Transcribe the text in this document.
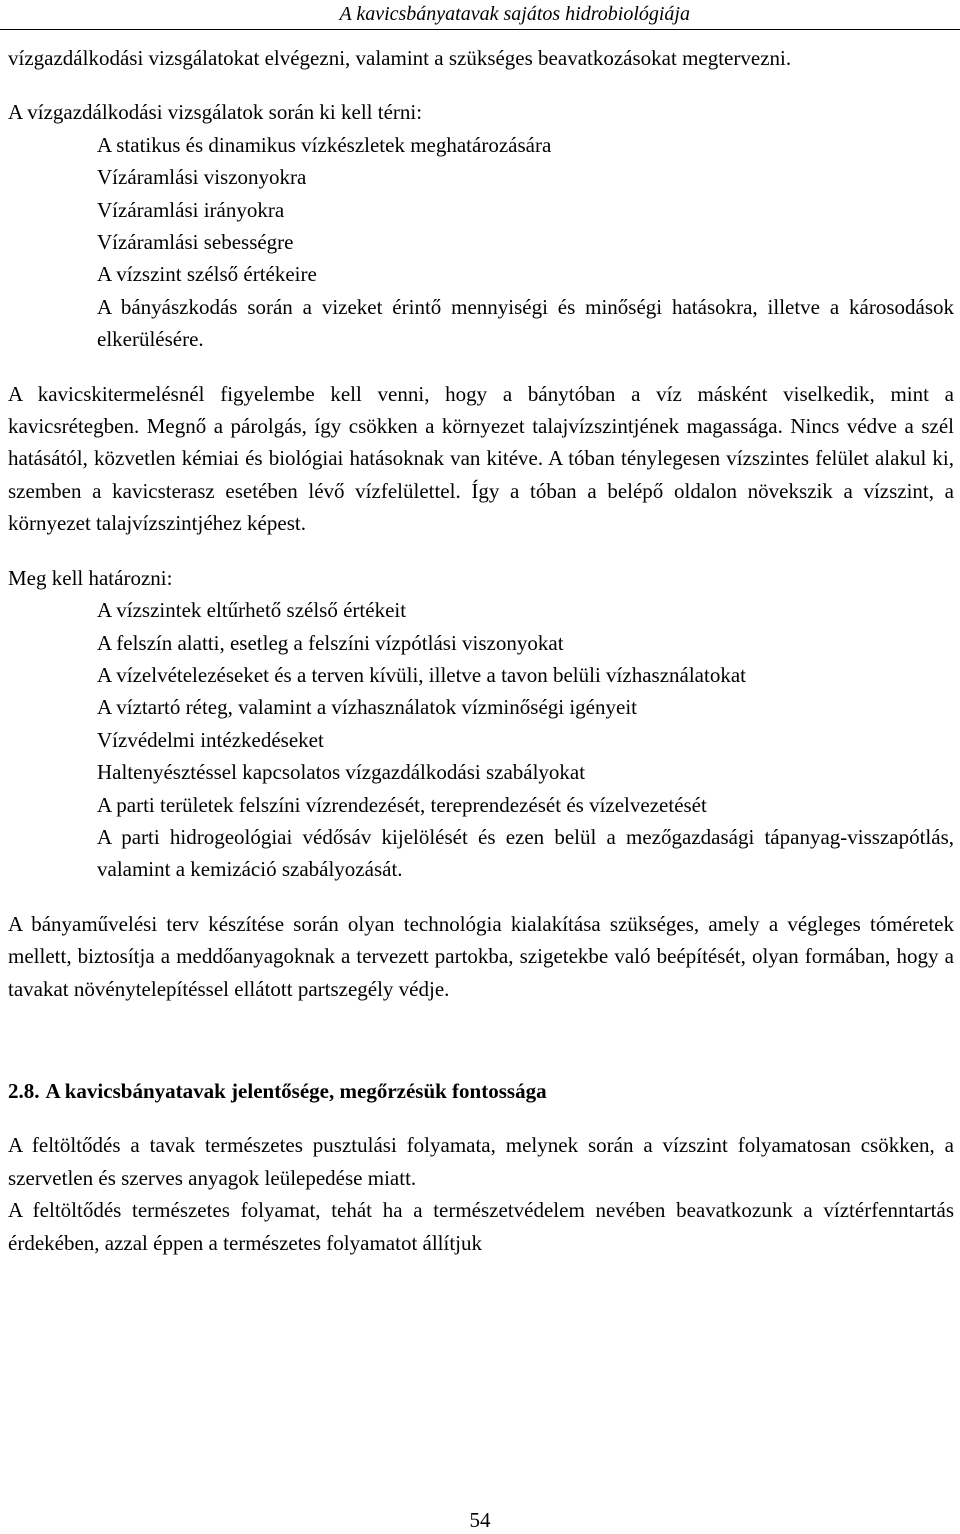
A kavicsbányatavak sajátos hidrobiológiája

vízgazdálkodási vizsgálatokat elvégezni, valamint a szükséges beavatkozásokat megtervezni.

A vízgazdálkodási vizsgálatok során ki kell térni:

A statikus és dinamikus vízkészletek meghatározására

Vízáramlási viszonyokra

Vízáramlási irányokra

Vízáramlási sebességre

A vízszint szélső értékeire

A bányászkodás során a vizeket érintő mennyiségi és minőségi hatásokra, illetve a károsodások elkerülésére.

A kavicskitermelésnél figyelembe kell venni, hogy a bánytóban a víz másként viselkedik, mint a kavicsrétegben. Megnő a párolgás, így csökken a környezet talajvízszintjének magassága. Nincs védve a szél hatásától, közvetlen kémiai és biológiai hatásoknak van kitéve. A tóban ténylegesen vízszintes felület alakul ki, szemben a kavicsterasz esetében lévő vízfelülettel. Így a tóban a belépő oldalon növekszik a vízszint, a környezet talajvízszintjéhez képest.

Meg kell határozni:

A vízszintek eltűrhető szélső értékeit

A felszín alatti, esetleg a felszíni vízpótlási viszonyokat

A vízelvételezéseket és a terven kívüli, illetve a tavon belüli vízhasználatokat

A víztartó réteg, valamint a vízhasználatok vízminőségi igényeit

Vízvédelmi intézkedéseket

Haltenyésztéssel kapcsolatos vízgazdálkodási szabályokat

A parti területek felszíni vízrendezését, tereprendezését és vízelvezetését

A parti hidrogeológiai védősáv kijelölését és ezen belül a mezőgazdasági tápanyag-visszapótlás, valamint a kemizáció szabályozását.

A bányaművelési terv készítése során olyan technológia kialakítása szükséges, amely a végleges tóméretek mellett, biztosítja a meddőanyagoknak a tervezett partokba, szigetekbe való beépítését, olyan formában, hogy a tavakat növénytelepítéssel ellátott partszegély védje.

2.8. A kavicsbányatavak jelentősége, megőrzésük fontossága

A feltöltődés a tavak természetes pusztulási folyamata, melynek során a vízszint folyamatosan csökken, a szervetlen és szerves anyagok leülepedése miatt.

A feltöltődés természetes folyamat, tehát ha a természetvédelem nevében beavatkozunk a víztérfenntartás érdekében, azzal éppen a természetes folyamatot állítjuk

54
